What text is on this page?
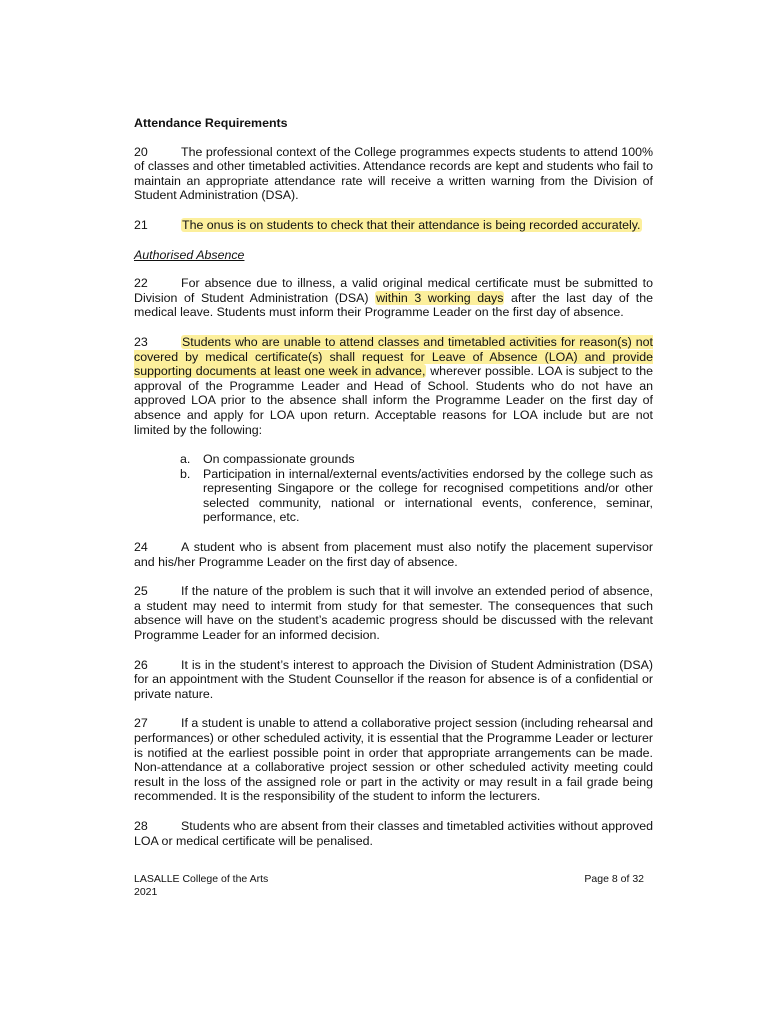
Attendance Requirements

20	The professional context of the College programmes expects students to attend 100% of classes and other timetabled activities. Attendance records are kept and students who fail to maintain an appropriate attendance rate will receive a written warning from the Division of Student Administration (DSA).

21	The onus is on students to check that their attendance is being recorded accurately.

Authorised Absence

22	For absence due to illness, a valid original medical certificate must be submitted to Division of Student Administration (DSA) within 3 working days after the last day of the medical leave. Students must inform their Programme Leader on the first day of absence.

23	Students who are unable to attend classes and timetabled activities for reason(s) not covered by medical certificate(s) shall request for Leave of Absence (LOA) and provide supporting documents at least one week in advance, wherever possible. LOA is subject to the approval of the Programme Leader and Head of School. Students who do not have an approved LOA prior to the absence shall inform the Programme Leader on the first day of absence and apply for LOA upon return. Acceptable reasons for LOA include but are not limited by the following:

a.	On compassionate grounds
b.	Participation in internal/external events/activities endorsed by the college such as representing Singapore or the college for recognised competitions and/or other selected community, national or international events, conference, seminar, performance, etc.

24	A student who is absent from placement must also notify the placement supervisor and his/her Programme Leader on the first day of absence.

25	If the nature of the problem is such that it will involve an extended period of absence, a student may need to intermit from study for that semester. The consequences that such absence will have on the student’s academic progress should be discussed with the relevant Programme Leader for an informed decision.

26	It is in the student’s interest to approach the Division of Student Administration (DSA) for an appointment with the Student Counsellor if the reason for absence is of a confidential or private nature.

27	If a student is unable to attend a collaborative project session (including rehearsal and performances) or other scheduled activity, it is essential that the Programme Leader or lecturer is notified at the earliest possible point in order that appropriate arrangements can be made. Non-attendance at a collaborative project session or other scheduled activity meeting could result in the loss of the assigned role or part in the activity or may result in a fail grade being recommended. It is the responsibility of the student to inform the lecturers.

28	Students who are absent from their classes and timetabled activities without approved LOA or medical certificate will be penalised.

LASALLE College of the Arts
2021
Page 8 of 32
